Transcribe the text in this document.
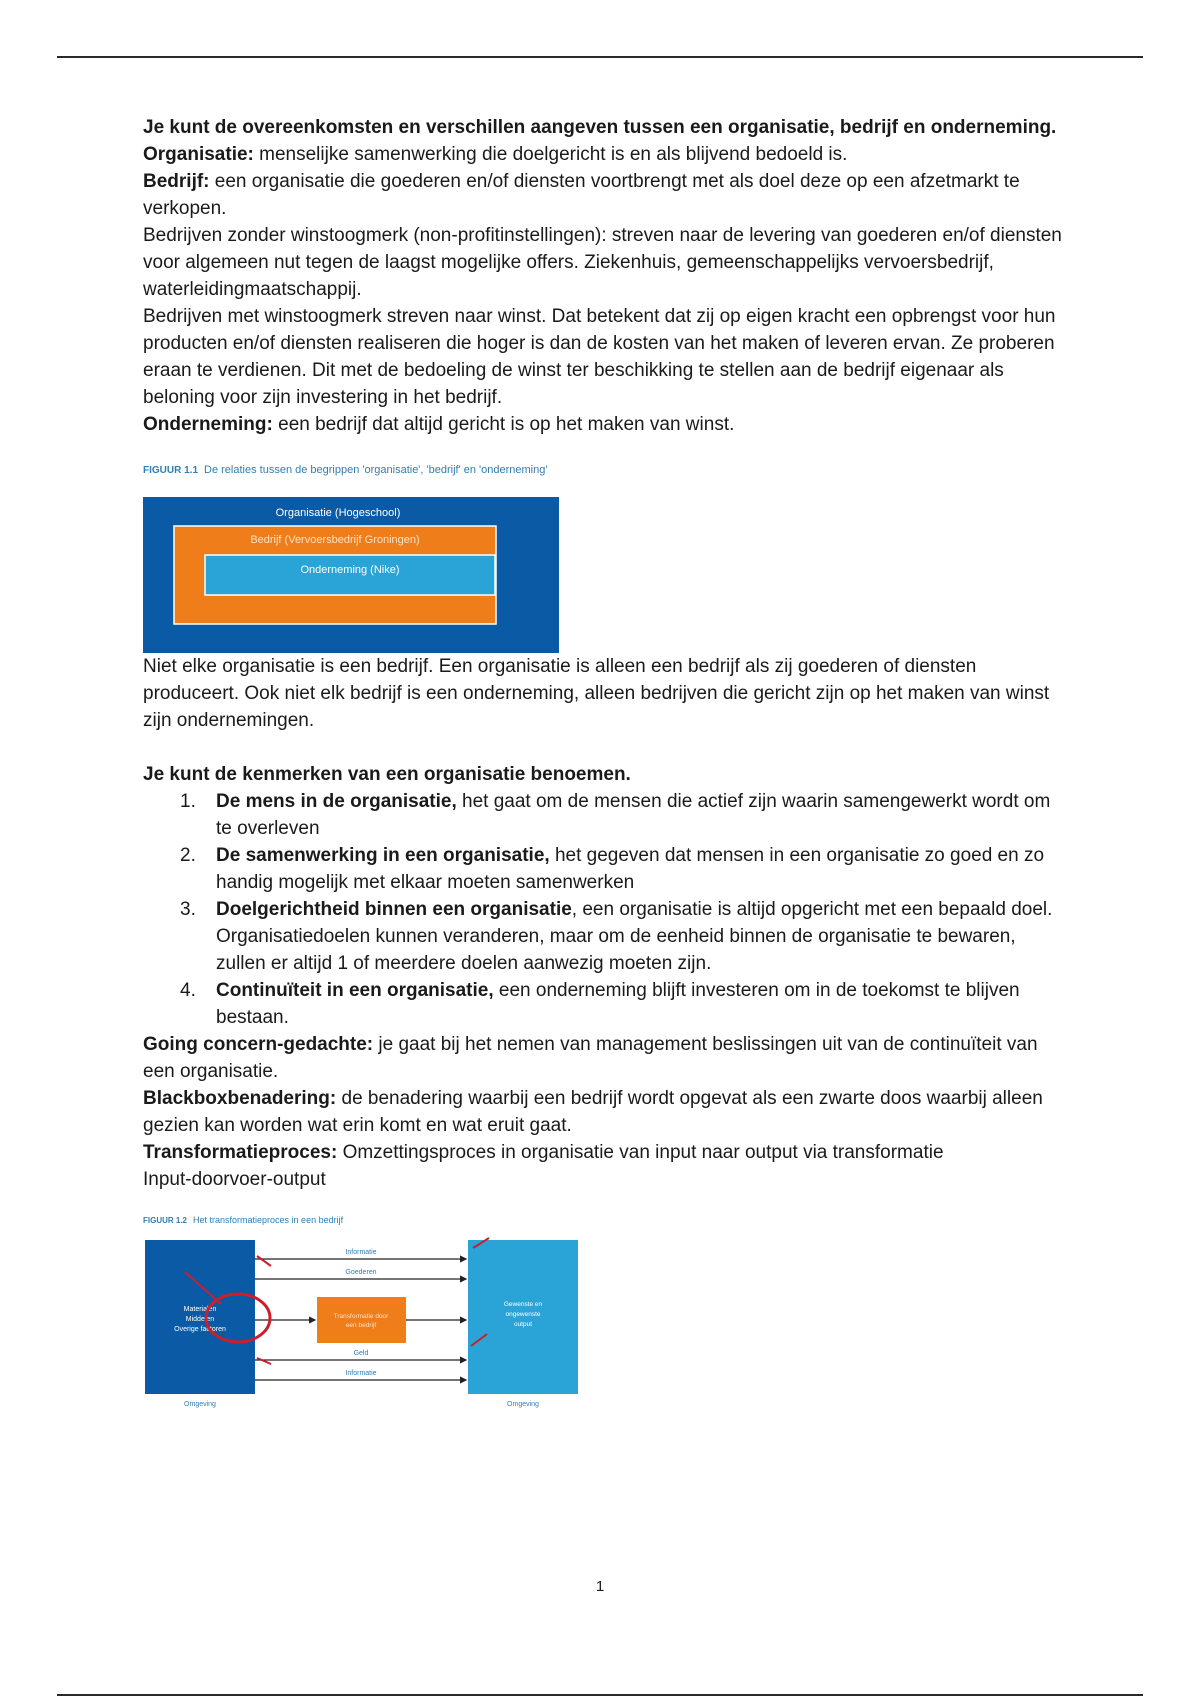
Je kunt de overeenkomsten en verschillen aangeven tussen een organisatie, bedrijf en onderneming.

Organisatie: menselijke samenwerking die doelgericht is en als blijvend bedoeld is.

Bedrijf: een organisatie die goederen en/of diensten voortbrengt met als doel deze op een afzetmarkt te verkopen.

Bedrijven zonder winstoogmerk (non-profitinstellingen): streven naar de levering van goederen en/of diensten voor algemeen nut tegen de laagst mogelijke offers. Ziekenhuis, gemeenschappelijks vervoersbedrijf, waterleidingmaatschappij.

Bedrijven met winstoogmerk streven naar winst. Dat betekent dat zij op eigen kracht een opbrengst voor hun producten en/of diensten realiseren die hoger is dan de kosten van het maken of leveren ervan. Ze proberen eraan te verdienen. Dit met de bedoeling de winst ter beschikking te stellen aan de bedrijf eigenaar als beloning voor zijn investering in het bedrijf.

Onderneming: een bedrijf dat altijd gericht is op het maken van winst.

FIGUUR 1.1 De relaties tussen de begrippen 'organisatie', 'bedrijf' en 'onderneming'

Organisatie (Hogeschool)
Bedrijf (Vervoersbedrijf Groningen)
Onderneming (Nike)

Niet elke organisatie is een bedrijf. Een organisatie is alleen een bedrijf als zij goederen of diensten produceert. Ook niet elk bedrijf is een onderneming, alleen bedrijven die gericht zijn op het maken van winst zijn ondernemingen.

Je kunt de kenmerken van een organisatie benoemen.

1. De mens in de organisatie, het gaat om de mensen die actief zijn waarin samengewerkt wordt om te overleven
2. De samenwerking in een organisatie, het gegeven dat mensen in een organisatie zo goed en zo handig mogelijk met elkaar moeten samenwerken
3. Doelgerichtheid binnen een organisatie, een organisatie is altijd opgericht met een bepaald doel. Organisatiedoelen kunnen veranderen, maar om de eenheid binnen de organisatie te bewaren, zullen er altijd 1 of meerdere doelen aanwezig moeten zijn.
4. Continuïteit in een organisatie, een onderneming blijft investeren om in de toekomst te blijven bestaan.

Going concern-gedachte: je gaat bij het nemen van management beslissingen uit van de continuïteit van een organisatie.

Blackboxbenadering: de benadering waarbij een bedrijf wordt opgevat als een zwarte doos waarbij alleen gezien kan worden wat erin komt en wat eruit gaat.

Transformatieproces: Omzettingsproces in organisatie van input naar output via transformatie

Input-doorvoer-output

FIGUUR 1.2 Het transformatieproces in een bedrijf

Informatie
Goederen
Geld
Informatie
Materialen
Middelen
Overige factoren
Transformatie door
een bedrijf
Gewenste en
ongewenste
output
Omgeving	Omgeving
1
